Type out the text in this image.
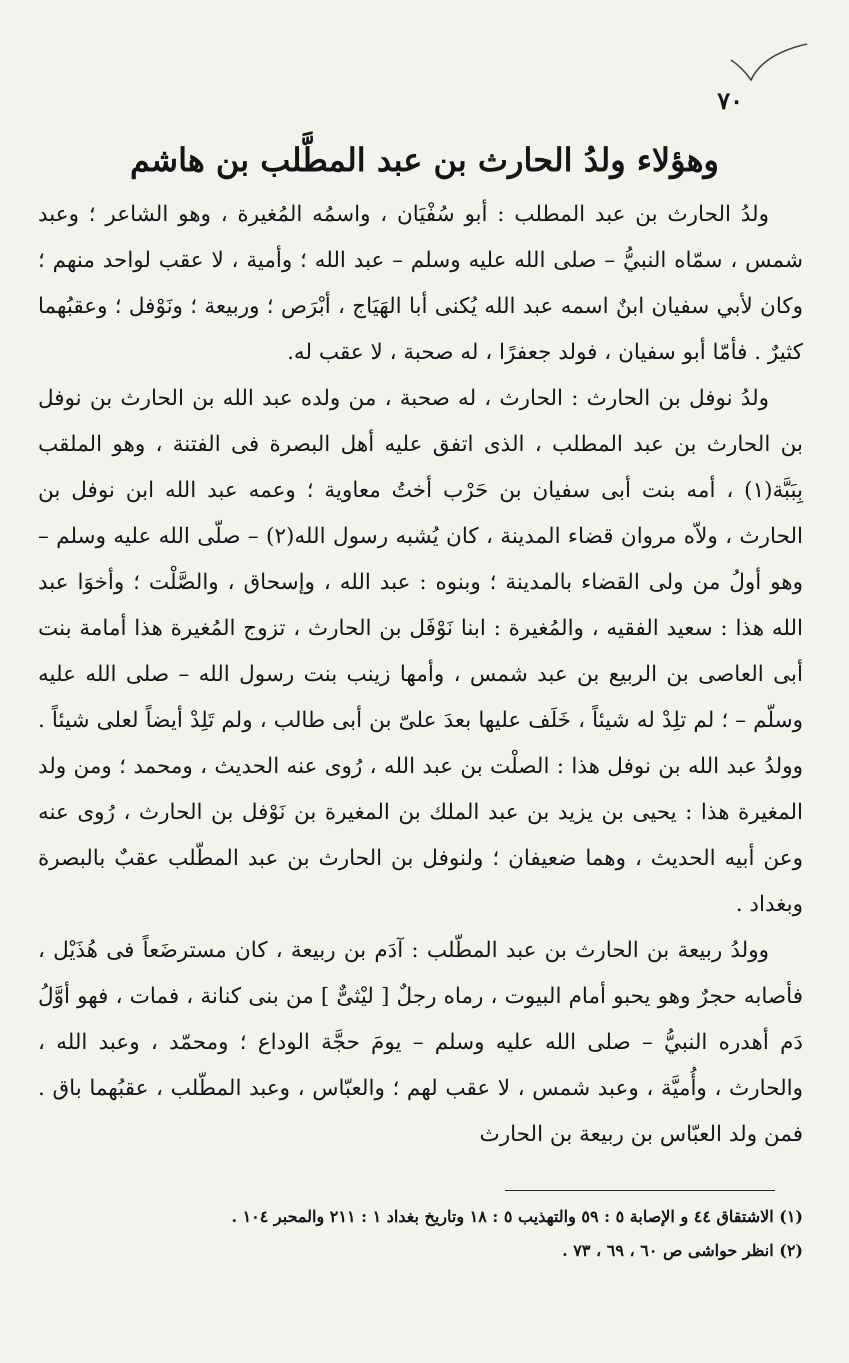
٧٠
وهؤلاء ولدُ الحارث بن عبد المطَّلب بن هاشم

ولدُ الحارث بن عبد المطلب : أبو سُفْيَان ، واسمُه المُغيرة ، وهو الشاعر ؛ وعبد شمس ، سمّاه النبيُّ – صلى الله عليه وسلم – عبد الله ؛ وأمية ، لا عقب لواحد منهم ؛ وكان لأبي سفيان ابنٌ اسمه عبد الله يُكنى أبا الهَيَاج ، أبْرَص ؛ وربيعة ؛ ونَوْفل ؛ وعقبُهما كثيرٌ . فأمّا أبو سفيان ، فولد جعفرًا ، له صحبة ، لا عقب له.

ولدُ نوفل بن الحارث : الحارث ، له صحبة ، من ولده عبد الله بن الحارث بن نوفل بن الحارث بن عبد المطلب ، الذى اتفق عليه أهل البصرة فى الفتنة ، وهو الملقب بِبَبَّة(١) ، أمه بنت أبى سفيان بن حَرْب أختُ معاوية ؛ وعمه عبد الله ابن نوفل بن الحارث ، ولاّه مروان قضاء المدينة ، كان يُشبه رسول الله(٢) – صلّى الله عليه وسلم – وهو أولُ من ولى القضاء بالمدينة ؛ وبنوه : عبد الله ، وإسحاق ، والصَّلْت ؛ وأخوَا عبد الله هذا : سعيد الفقيه ، والمُغيرة : ابنا نَوْفَل بن الحارث ، تزوج المُغيرة هذا أمامة بنت أبى العاصى بن الربيع بن عبد شمس ، وأمها زينب بنت رسول الله – صلى الله عليه وسلّم – ؛ لم تلِدْ له شيئاً ، خَلَف عليها بعدَ علىّ بن أبى طالب ، ولم تَلِدْ أيضاً لعلى شيئاً . وولدُ عبد الله بن نوفل هذا : الصلْت بن عبد الله ، رُوى عنه الحديث ، ومحمد ؛ ومن ولد المغيرة هذا : يحيى بن يزيد بن عبد الملك بن المغيرة بن نَوْفل بن الحارث ، رُوى عنه وعن أبيه الحديث ، وهما ضعيفان ؛ ولنوفل بن الحارث بن عبد المطّلب عقبٌ بالبصرة وبغداد .

وولدُ ربيعة بن الحارث بن عبد المطّلب : آدَم بن ربيعة ، كان مسترضَعاً فى هُذَيْل ، فأصابه حجرٌ وهو يحبو أمام البيوت ، رماه رجلٌ [ ليْثىٌّ ] من بنى كنانة ، فمات ، فهو أوَّلُ دَم أهدره النبيُّ – صلى الله عليه وسلم – يومَ حجَّة الوداع ؛ ومحمّد ، وعبد الله ، والحارث ، وأُميَّة ، وعبد شمس ، لا عقب لهم ؛ والعبّاس ، وعبد المطّلب ، عقبُهما باق . فمن ولد العبّاس بن ربيعة بن الحارث

(١) الاشتقاق ٤٤ و الإصابة ٥ : ٥٩ والتهذيب ٥ : ١٨ وتاريخ بغداد ١ : ٢١١ والمحبر ١٠٤ .
(٢) انظر حواشى ص ٦٠ ، ٦٩ ، ٧٣ .
